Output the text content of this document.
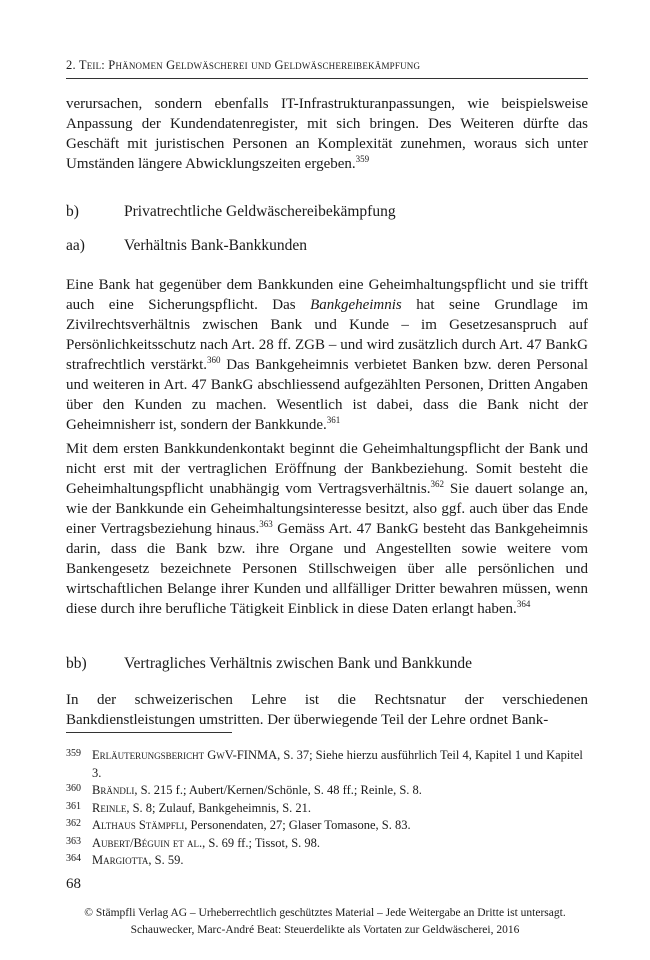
2. Teil: Phänomen Geldwäscherei und Geldwäschereibekämpfung

verursachen, sondern ebenfalls IT-Infrastrukturanpassungen, wie beispielsweise Anpassung der Kundendatenregister, mit sich bringen. Des Weiteren dürfte das Geschäft mit juristischen Personen an Komplexität zunehmen, woraus sich unter Umständen längere Abwicklungszeiten ergeben.$^{359}$

b)	Privatrechtliche Geldwäschereibekämpfung
aa)	Verhältnis Bank-Bankkunden

Eine Bank hat gegenüber dem Bankkunden eine Geheimhaltungspflicht und sie trifft auch eine Sicherungspflicht. Das Bankgeheimnis hat seine Grundlage im Zivilrechtsverhältnis zwischen Bank und Kunde – im Gesetzesanspruch auf Persönlichkeitsschutz nach Art. 28 ff. ZGB – und wird zusätzlich durch Art. 47 BankG strafrechtlich verstärkt.$^{360}$ Das Bankgeheimnis verbietet Banken bzw. deren Personal und weiteren in Art. 47 BankG abschliessend aufgezählten Personen, Dritten Angaben über den Kunden zu machen. Wesentlich ist dabei, dass die Bank nicht der Geheimnisherr ist, sondern der Bankkunde.$^{361}$

Mit dem ersten Bankkundenkontakt beginnt die Geheimhaltungspflicht der Bank und nicht erst mit der vertraglichen Eröffnung der Bankbeziehung. Somit besteht die Geheimhaltungspflicht unabhängig vom Vertragsverhältnis.$^{362}$ Sie dauert solange an, wie der Bankkunde ein Geheimhaltungsinteresse besitzt, also ggf. auch über das Ende einer Vertragsbeziehung hinaus.$^{363}$ Gemäss Art. 47 BankG besteht das Bankgeheimnis darin, dass die Bank bzw. ihre Organe und Angestellten sowie weitere vom Bankengesetz bezeichnete Personen Stillschweigen über alle persönlichen und wirtschaftlichen Belange ihrer Kunden und allfälliger Dritter bewahren müssen, wenn diese durch ihre berufliche Tätigkeit Einblick in diese Daten erlangt haben.$^{364}$

bb) Vertragliches Verhältnis zwischen Bank und Bankkunde

In der schweizerischen Lehre ist die Rechtsnatur der verschiedenen Bankdienstleistungen umstritten. Der überwiegende Teil der Lehre ordnet Bank-

359 Erläuterungsbericht GwV-FINMA, S. 37; Siehe hierzu ausführlich Teil 4, Kapitel 1 und Kapitel 3.
360 Brändli, S. 215 f.; Aubert/Kernen/Schönle, S. 48 ff.; Reinle, S. 8.
361 Reinle, S. 8; Zulauf, Bankgeheimnis, S. 21.
362 Althaus Stämpfli, Personendaten, 27; Glaser Tomasone, S. 83.
363 Aubert/Béguin et al., S. 69 ff.; Tissot, S. 98.
364 Margiotta, S. 59.
68
© Stämpfli Verlag AG – Urheberrechtlich geschütztes Material – Jede Weitergabe an Dritte ist untersagt.
Schauwecker, Marc-André Beat: Steuerdelikte als Vortaten zur Geldwäscherei, 2016
